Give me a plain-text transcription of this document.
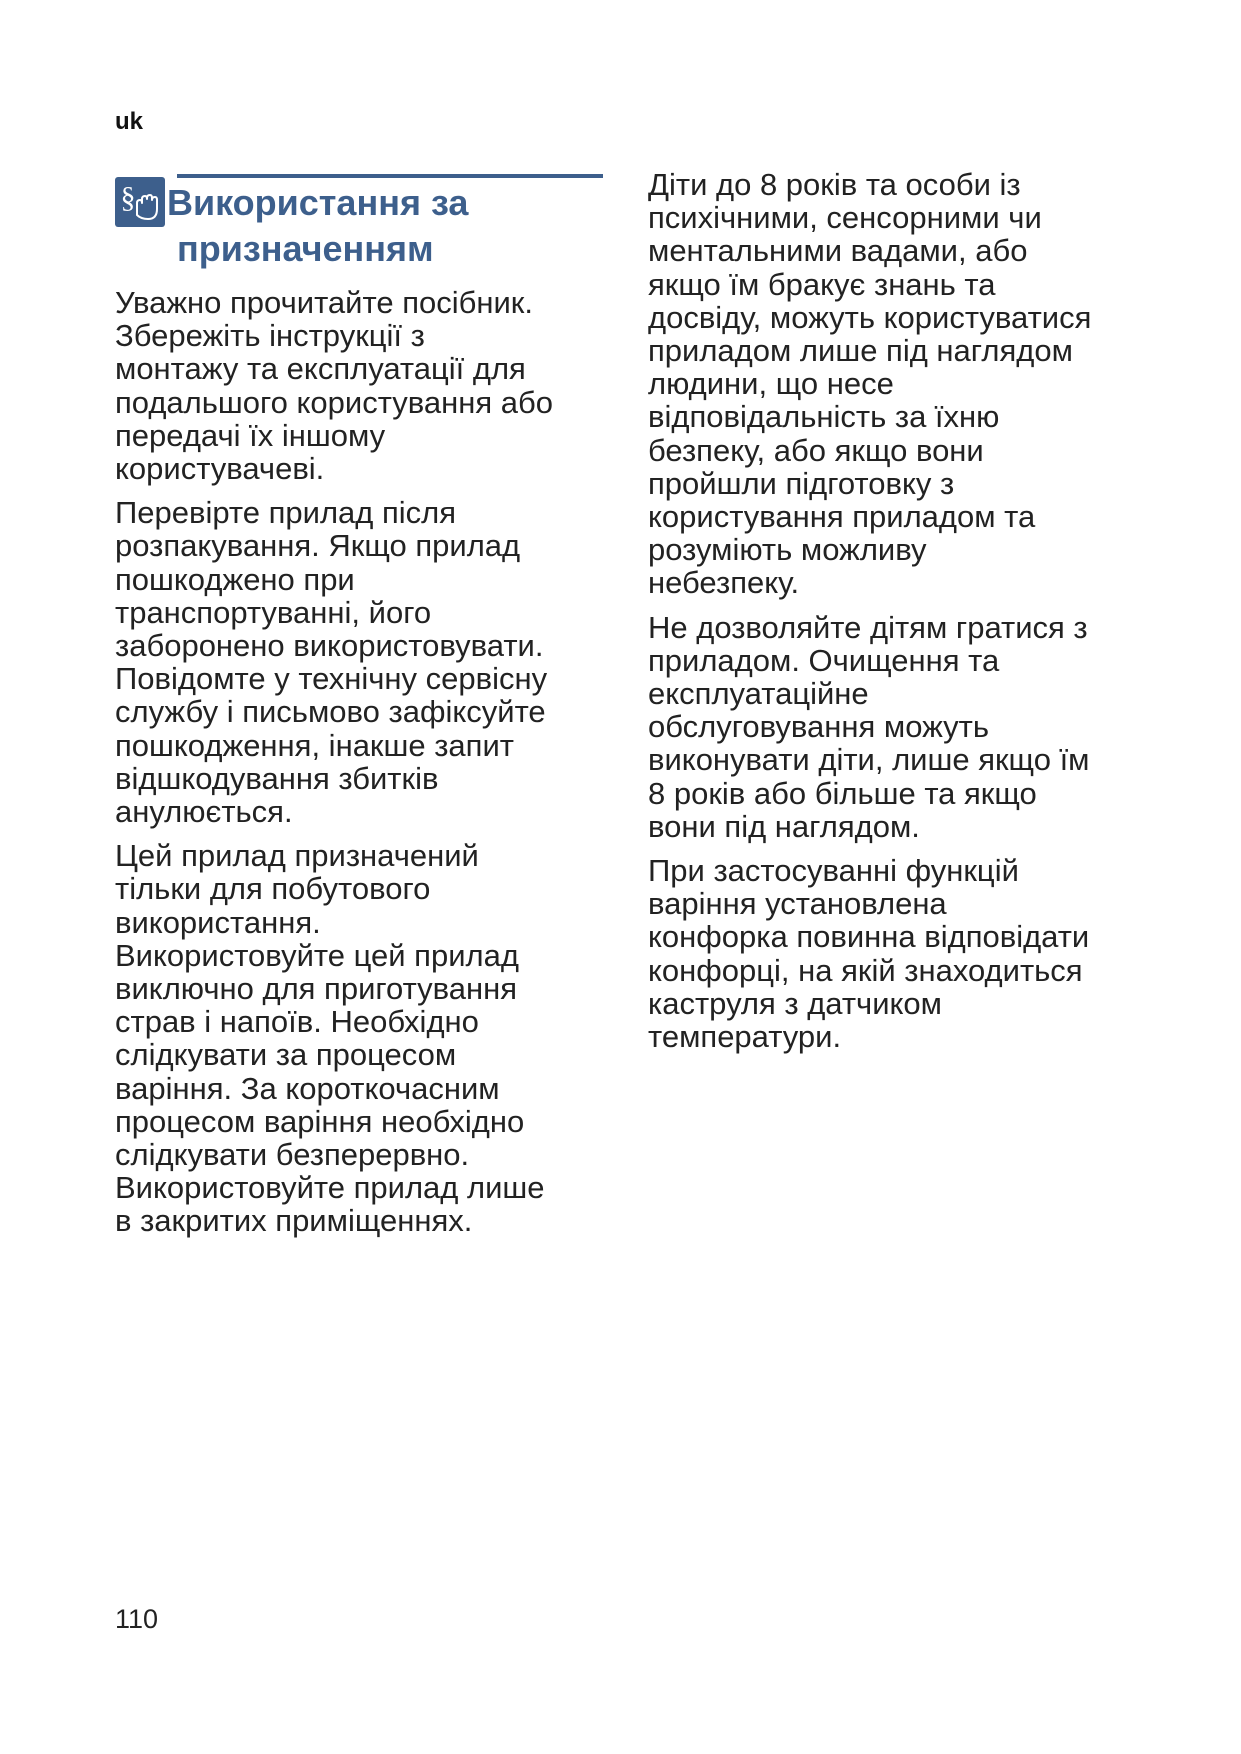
uk
§ Використання за
призначенням

Уважно прочитайте посібник.
Збережіть інструкції з
монтажу та експлуатації для
подальшого користування або
передачі їх іншому
користувачеві.

Перевірте прилад після
розпакування. Якщо прилад
пошкоджено при
транспортуванні, його
заборонено використовувати.
Повідомте у технічну сервісну
службу і письмово зафіксуйте
пошкодження, інакше запит
відшкодування збитків
анулюється.

Цей прилад призначений
тільки для побутового
використання.
Використовуйте цей прилад
виключно для приготування
страв і напоїв. Необхідно
слідкувати за процесом
варіння. За короткочасним
процесом варіння необхідно
слідкувати безперервно.
Використовуйте прилад лише
в закритих приміщеннях.

Діти до 8 років та особи із
психічними, сенсорними чи
ментальними вадами, або
якщо їм бракує знань та
досвіду, можуть користуватися
приладом лише під наглядом
людини, що несе
відповідальність за їхню
безпеку, або якщо вони
пройшли підготовку з
користування приладом та
розуміють можливу
небезпеку.

Не дозволяйте дітям гратися з
приладом. Очищення та
експлуатаційне
обслуговування можуть
виконувати діти, лише якщо їм
8 років або більше та якщо
вони під наглядом.

При застосуванні функцій
варіння установлена
конфорка повинна відповідати
конфорці, на якій знаходиться
каструля з датчиком
температури.

110
